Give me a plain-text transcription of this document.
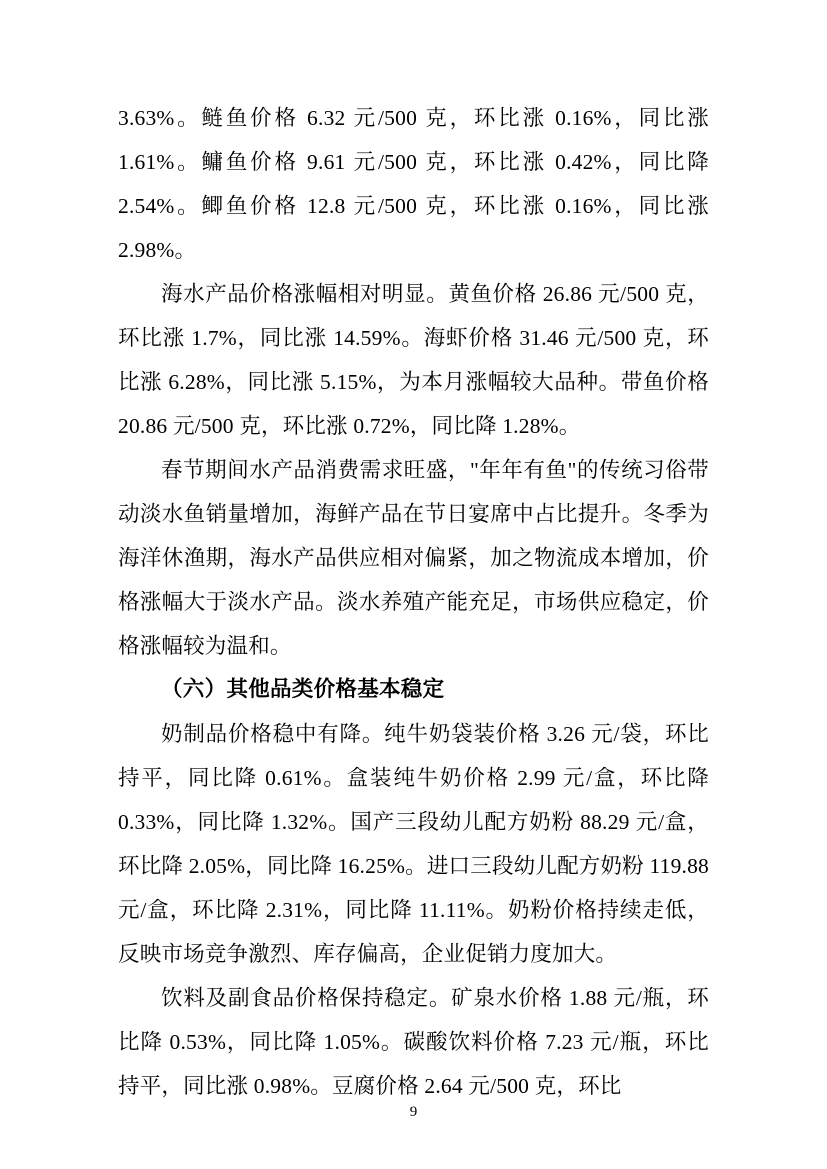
3.63%。鲢鱼价格 6.32 元/500 克，环比涨 0.16%，同比涨 1.61%。鳙鱼价格 9.61 元/500 克，环比涨 0.42%，同比降 2.54%。鲫鱼价格 12.8 元/500 克，环比涨 0.16%，同比涨 2.98%。

海水产品价格涨幅相对明显。黄鱼价格 26.86 元/500 克，环比涨 1.7%，同比涨 14.59%。海虾价格 31.46 元/500 克，环比涨 6.28%，同比涨 5.15%，为本月涨幅较大品种。带鱼价格 20.86 元/500 克，环比涨 0.72%，同比降 1.28%。

春节期间水产品消费需求旺盛，"年年有鱼"的传统习俗带动淡水鱼销量增加，海鲜产品在节日宴席中占比提升。冬季为海洋休渔期，海水产品供应相对偏紧，加之物流成本增加，价格涨幅大于淡水产品。淡水养殖产能充足，市场供应稳定，价格涨幅较为温和。

（六）其他品类价格基本稳定

奶制品价格稳中有降。纯牛奶袋装价格 3.26 元/袋，环比持平，同比降 0.61%。盒装纯牛奶价格 2.99 元/盒，环比降 0.33%，同比降 1.32%。国产三段幼儿配方奶粉 88.29 元/盒，环比降 2.05%，同比降 16.25%。进口三段幼儿配方奶粉 119.88 元/盒，环比降 2.31%，同比降 11.11%。奶粉价格持续走低，反映市场竞争激烈、库存偏高，企业促销力度加大。

饮料及副食品价格保持稳定。矿泉水价格 1.88 元/瓶，环比降 0.53%，同比降 1.05%。碳酸饮料价格 7.23 元/瓶，环比持平，同比涨 0.98%。豆腐价格 2.64 元/500 克，环比

9
